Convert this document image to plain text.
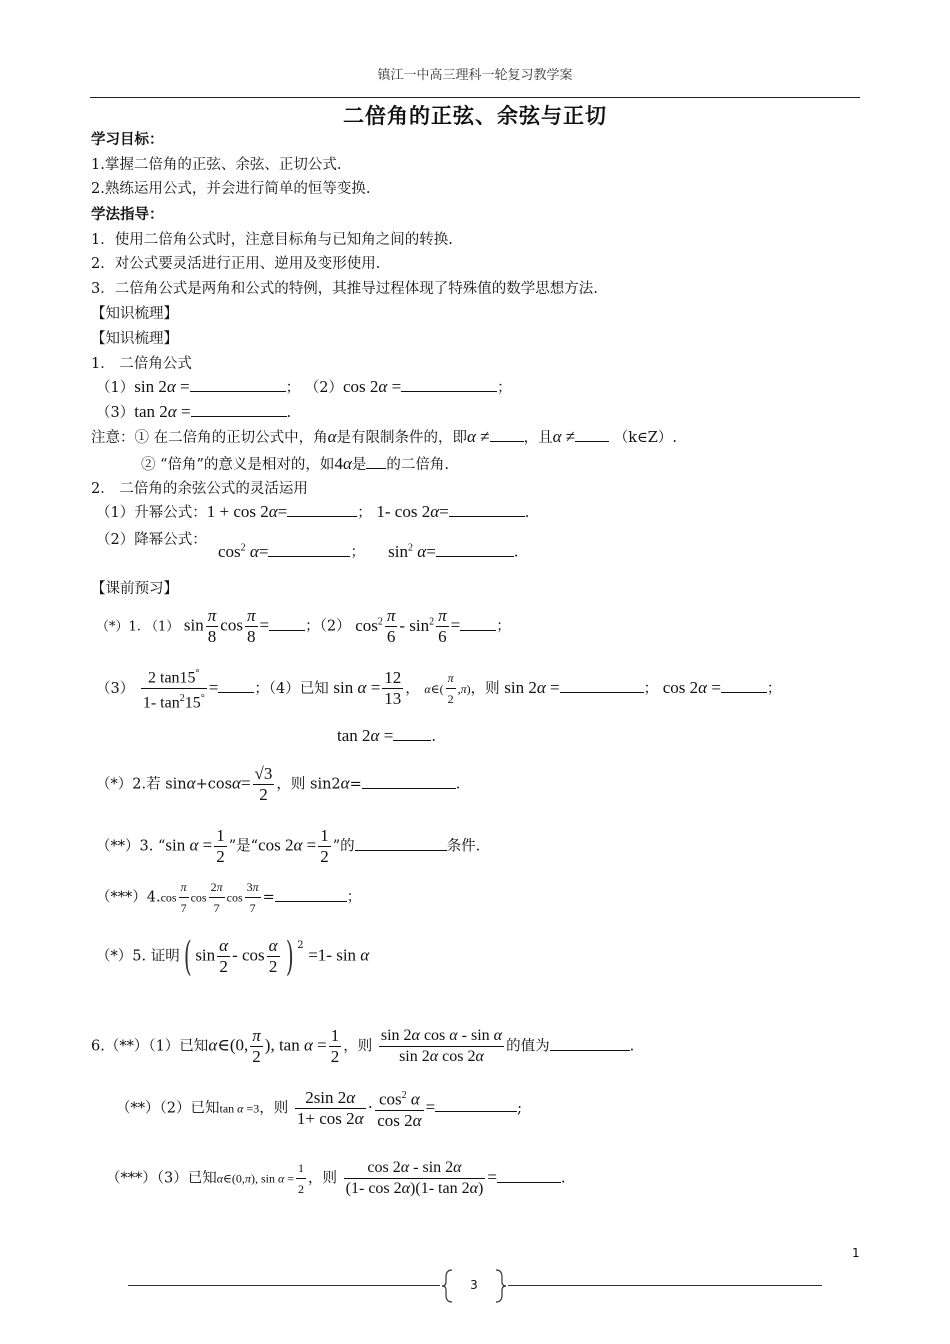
镇江一中高三理科一轮复习教学案
二倍角的正弦、余弦与正切
学习目标：
1.掌握二倍角的正弦、余弦、正切公式.
2.熟练运用公式，并会进行简单的恒等变换.
学法指导：
1．使用二倍角公式时，注意目标角与已知角之间的转换.
2．对公式要灵活进行正用、逆用及变形使用.
3．二倍角公式是两角和公式的特例，其推导过程体现了特殊值的数学思想方法.
【知识梳理】
【知识梳理】
1． 二倍角公式
（1）sin 2α =	； （2）cos 2α =	；
（3）tan 2α =	.
注意：① 在二倍角的正切公式中，角α是有限制条件的，即α ≠ ，且α ≠	（k∈Z）.
② “倍角”的意义是相对的，如4α是 的二倍角.
2． 二倍角的余弦公式的灵活运用
（1）升幂公式：1 + cos 2α=	； 1- cos 2α=	.
（2）降幂公式：
$\cos^2 \alpha=$	；  $\sin^2 \alpha=$	.
【课前预习】
（*）1. （1） $\sin \frac{\pi}{8}$ $\cos \frac{\pi}{8}$ = ；（2） $\cos^2 \frac{\pi}{6} - \sin^2 \frac{\pi}{6}$ = ；
$(3) \frac{2 \tan 15^\circ}{1- \tan^215^\circ}$ = ；（4）已知 $\sin \alpha = \frac{12}{13}$ ， α∈( $\frac{\pi}{2} ,\pi$)，则 sin 2α =	； cos 2α =	；
tan 2α =	.
（*）2.若 $\sin\alpha+\cos\alpha= \frac{√3}{2}$ ，则 sin2α=	.
（**）3. “sin $\alpha = \frac{1}{2}$ ”是“cos $2\alpha = \frac{1}{2}$ ”的	条件.
$(***)4.\cos \frac{\pi}{7}$ $\cos \frac{2\pi}{7}$ $\cos \frac{3\pi}{7}$ =	；
（*）5. 证明( $\sin \frac{\alpha}{2}$ - $\cos \frac{\alpha}{2}$ ) $^2$ =1- sin α
6.（**）（1）已知α∈(0, $\frac{\pi}{2}$ ), $\tan \alpha = \frac{1}{2}$ ，则 $\frac{\text{sin 2α cos α - sin α}}{\text{sin 2α cos 2α}}$ 的值为	.
（**）（2）已知tan α =3，则 $\frac{2\sin 2\alpha}{1+ \cos 2\alpha} \cdot \frac{\cos^2 \alpha}{\cos 2\alpha}$ =	;
（***）（3）已知α∈(0,π), $\sin \alpha = \frac{1}{2}$ ，则 $\frac{\cos 2\alpha - \sin 2\alpha}{(1- \cos 2\alpha)(1- \tan 2\alpha)}$ =	.
1
3
